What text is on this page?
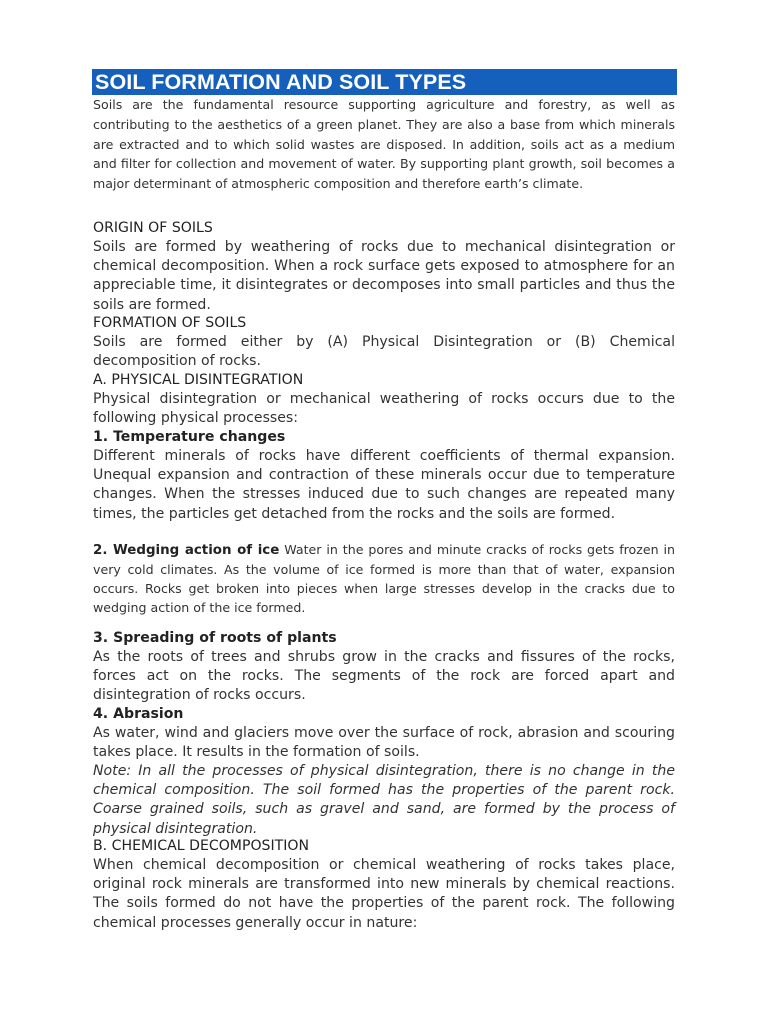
SOIL FORMATION AND SOIL TYPES
Soils are the fundamental resource supporting agriculture and forestry, as well as contributing to the aesthetics of a green planet. They are also a base from which minerals are extracted and to which solid wastes are disposed. In addition, soils act as a medium and filter for collection and movement of water. By supporting plant growth, soil becomes a major determinant of atmospheric composition and therefore earth’s climate.
ORIGIN OF SOILS
Soils are formed by weathering of rocks due to mechanical disintegration or chemical decomposition. When a rock surface gets exposed to atmosphere for an appreciable time, it disintegrates or decomposes into small particles and thus the soils are formed.
FORMATION OF SOILS
Soils are formed either by (A) Physical Disintegration or (B) Chemical decomposition of rocks.
A. PHYSICAL DISINTEGRATION
Physical disintegration or mechanical weathering of rocks occurs due to the following physical processes:
1. Temperature changes
Different minerals of rocks have different coefficients of thermal expansion. Unequal expansion and contraction of these minerals occur due to temperature changes. When the stresses induced due to such changes are repeated many times, the particles get detached from the rocks and the soils are formed.
2. Wedging action of ice Water in the pores and minute cracks of rocks gets frozen in very cold climates. As the volume of ice formed is more than that of water, expansion occurs. Rocks get broken into pieces when large stresses develop in the cracks due to wedging action of the ice formed.
3. Spreading of roots of plants
As the roots of trees and shrubs grow in the cracks and fissures of the rocks, forces act on the rocks. The segments of the rock are forced apart and disintegration of rocks occurs.
4. Abrasion
As water, wind and glaciers move over the surface of rock, abrasion and scouring takes place. It results in the formation of soils.
Note: In all the processes of physical disintegration, there is no change in the chemical composition. The soil formed has the properties of the parent rock. Coarse grained soils, such as gravel and sand, are formed by the process of physical disintegration.
B. CHEMICAL DECOMPOSITION
When chemical decomposition or chemical weathering of rocks takes place, original rock minerals are transformed into new minerals by chemical reactions. The soils formed do not have the properties of the parent rock. The following chemical processes generally occur in nature:
